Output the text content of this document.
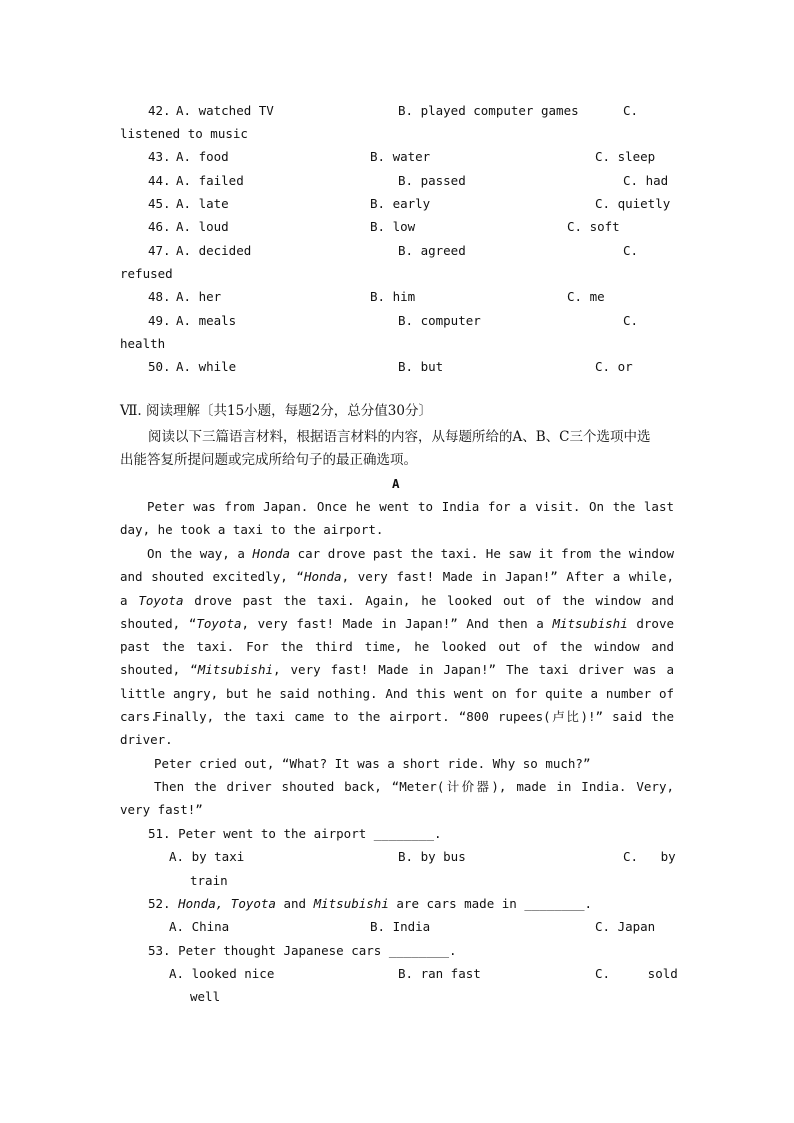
42. A. watched TV	B. played computer games	C.
listened to music
43. A. food	B. water	C. sleep
44. A. failed	B. passed	C. had
45. A. late	B. early	C. quietly
46. A. loud	B. low	C. soft
47. A. decided	B. agreed	C.
refused
48. A. her	B. him	C. me
49. A. meals	B. computer	C.
health
50. A. while	B. but	C. or
Ⅶ. 阅读理解〔共15小题，每题2分，总分值30分〕
阅读以下三篇语言材料，根据语言材料的内容，从每题所给的A、B、C三个选项中选
出能答复所提问题或完成所给句子的最正确选项。
A
Peter was from Japan. Once he went to India for a visit. On the last day, he took a taxi to the airport.
On the way, a Honda car drove past the taxi. He saw it from the window and shouted excitedly, “Honda, very fast! Made in Japan!” After a while, a Toyota drove past the taxi. Again, he looked out of the window and shouted, “Toyota, very fast! Made in Japan!” And then a Mitsubishi drove past the taxi. For the third time, he looked out of the window and shouted, “Mitsubishi, very fast! Made in Japan!” The taxi driver was a little angry, but he said nothing. And this went on for quite a number of cars.
Finally, the taxi came to the airport. “800 rupees(卢比)!” said the driver.
Peter cried out, “What? It was a short ride. Why so much?”
Then the driver shouted back, “Meter(计价器), made in India. Very, very fast!”
51. Peter went to the airport ________.
A. by taxi	B. by bus	C.   by
train
52. Honda, Toyota and Mitsubishi are cars made in ________.
A. China	B. India	C. Japan
53. Peter thought Japanese cars ________.
A. looked nice	B. ran fast	C.     sold
well
